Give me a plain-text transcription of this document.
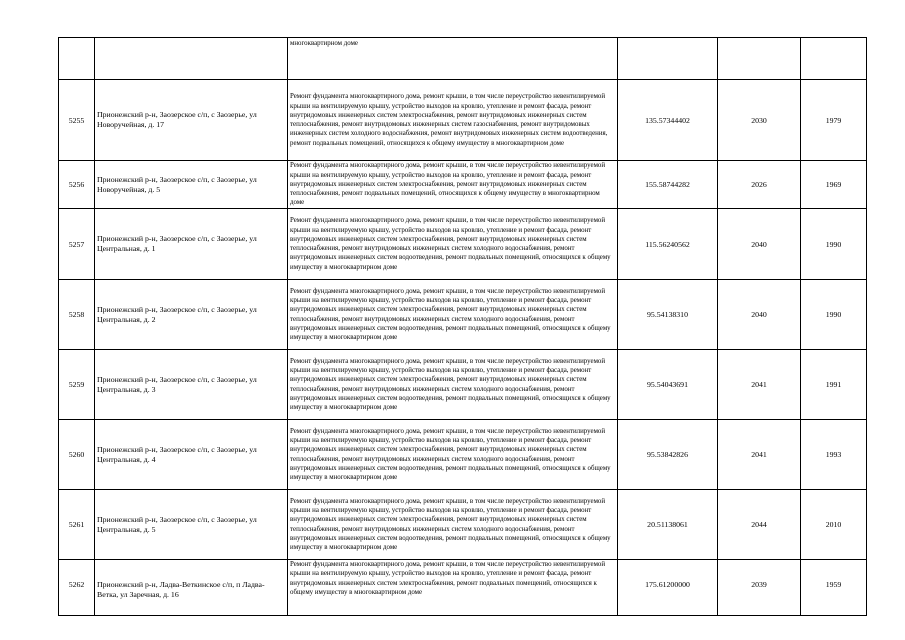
		многоквартирном доме			
5255	Прионежский р-н, Заозерское с/п, с Заозерье, ул Новоручейная, д. 17	Ремонт фундамента многоквартирного дома, ремонт крыши, в том числе переустройство невентилируемой крыши на вентилируемую крышу, устройство выходов на кровлю, утепление и ремонт фасада, ремонт внутридомовых инженерных систем электроснабжения, ремонт внутридомовых инженерных систем теплоснабжения, ремонт внутридомовых инженерных систем газоснабжения, ремонт внутридомовых инженерных систем холодного водоснабжения, ремонт внутридомовых инженерных систем водоотведения, ремонт подвальных помещений, относящихся к общему имуществу в многоквартирном доме	135.57344402	2030	1979
5256	Прионежский р-н, Заозерское с/п, с Заозерье, ул Новоручейная, д. 5	Ремонт фундамента многоквартирного дома, ремонт крыши, в том числе переустройство невентилируемой крыши на вентилируемую крышу, устройство выходов на кровлю, утепление и ремонт фасада, ремонт внутридомовых инженерных систем электроснабжения, ремонт внутридомовых инженерных систем теплоснабжения, ремонт подвальных помещений, относящихся к общему имуществу в многоквартирном доме	155.58744282	2026	1969
5257	Прионежский р-н, Заозерское с/п, с Заозерье, ул Центральная, д. 1	Ремонт фундамента многоквартирного дома, ремонт крыши, в том числе переустройство невентилируемой крыши на вентилируемую крышу, устройство выходов на кровлю, утепление и ремонт фасада, ремонт внутридомовых инженерных систем электроснабжения, ремонт внутридомовых инженерных систем теплоснабжения, ремонт внутридомовых инженерных систем холодного водоснабжения, ремонт внутридомовых инженерных систем водоотведения, ремонт подвальных помещений, относящихся к общему имуществу в многоквартирном доме	115.56240562	2040	1990
5258	Прионежский р-н, Заозерское с/п, с Заозерье, ул Центральная, д. 2	Ремонт фундамента многоквартирного дома, ремонт крыши, в том числе переустройство невентилируемой крыши на вентилируемую крышу, устройство выходов на кровлю, утепление и ремонт фасада, ремонт внутридомовых инженерных систем электроснабжения, ремонт внутридомовых инженерных систем теплоснабжения, ремонт внутридомовых инженерных систем холодного водоснабжения, ремонт внутридомовых инженерных систем водоотведения, ремонт подвальных помещений, относящихся к общему имуществу в многоквартирном доме	95.54138310	2040	1990
5259	Прионежский р-н, Заозерское с/п, с Заозерье, ул Центральная, д. 3	Ремонт фундамента многоквартирного дома, ремонт крыши, в том числе переустройство невентилируемой крыши на вентилируемую крышу, устройство выходов на кровлю, утепление и ремонт фасада, ремонт внутридомовых инженерных систем электроснабжения, ремонт внутридомовых инженерных систем теплоснабжения, ремонт внутридомовых инженерных систем холодного водоснабжения, ремонт внутридомовых инженерных систем водоотведения, ремонт подвальных помещений, относящихся к общему имуществу в многоквартирном доме	95.54043691	2041	1991
5260	Прионежский р-н, Заозерское с/п, с Заозерье, ул Центральная, д. 4	Ремонт фундамента многоквартирного дома, ремонт крыши, в том числе переустройство невентилируемой крыши на вентилируемую крышу, устройство выходов на кровлю, утепление и ремонт фасада, ремонт внутридомовых инженерных систем электроснабжения, ремонт внутридомовых инженерных систем теплоснабжения, ремонт внутридомовых инженерных систем холодного водоснабжения, ремонт внутридомовых инженерных систем водоотведения, ремонт подвальных помещений, относящихся к общему имуществу в многоквартирном доме	95.53842826	2041	1993
5261	Прионежский р-н, Заозерское с/п, с Заозерье, ул Центральная, д. 5	Ремонт фундамента многоквартирного дома, ремонт крыши, в том числе переустройство невентилируемой крыши на вентилируемую крышу, устройство выходов на кровлю, утепление и ремонт фасада, ремонт внутридомовых инженерных систем электроснабжения, ремонт внутридомовых инженерных систем теплоснабжения, ремонт внутридомовых инженерных систем холодного водоснабжения, ремонт внутридомовых инженерных систем водоотведения, ремонт подвальных помещений, относящихся к общему имуществу в многоквартирном доме	20.51138061	2044	2010
5262	Прионежский р-н, Ладва-Веткинское с/п, п Ладва-Ветка, ул Заречная, д. 16	Ремонт фундамента многоквартирного дома, ремонт крыши, в том числе переустройство невентилируемой крыши на вентилируемую крышу, устройство выходов на кровлю, утепление и ремонт фасада, ремонт внутридомовых инженерных систем электроснабжения, ремонт подвальных помещений, относящихся к общему имуществу в многоквартирном доме	175.61200000	2039	1959
